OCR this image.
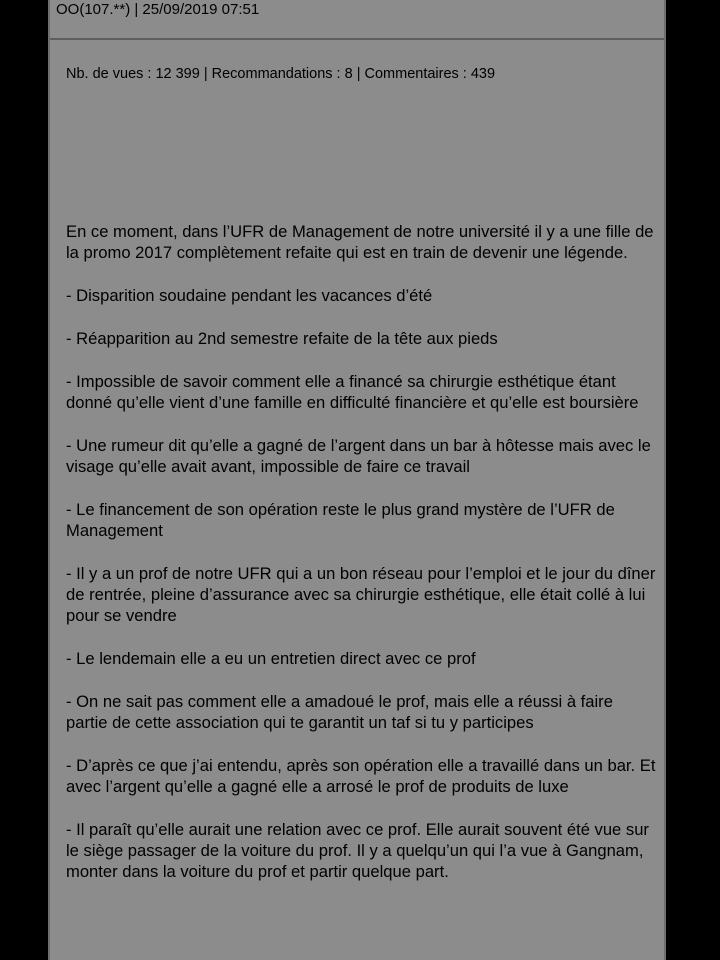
OO(107.**) | 25/09/2019 07:51
Nb. de vues : 12 399 | Recommandations : 8 | Commentaires : 439

En ce moment, dans l’UFR de Management de notre université il y a une fille de la promo 2017 complètement refaite qui est en train de devenir une légende.

- Disparition soudaine pendant les vacances d’été

- Réapparition au 2nd semestre refaite de la tête aux pieds

- Impossible de savoir comment elle a financé sa chirurgie esthétique étant donné qu’elle vient d’une famille en difficulté financière et qu’elle est boursière

- Une rumeur dit qu’elle a gagné de l’argent dans un bar à hôtesse mais avec le visage qu’elle avait avant, impossible de faire ce travail

- Le financement de son opération reste le plus grand mystère de l’UFR de Management

- Il y a un prof de notre UFR qui a un bon réseau pour l’emploi et le jour du dîner de rentrée, pleine d’assurance avec sa chirurgie esthétique, elle était collé à lui pour se vendre

- Le lendemain elle a eu un entretien direct avec ce prof

- On ne sait pas comment elle a amadoué le prof, mais elle a réussi à faire partie de cette association qui te garantit un taf si tu y participes

- D’après ce que j’ai entendu, après son opération elle a travaillé dans un bar. Et avec l’argent qu’elle a gagné elle a arrosé le prof de produits de luxe

- Il paraît qu’elle aurait une relation avec ce prof. Elle aurait souvent été vue sur le siège passager de la voiture du prof. Il y a quelqu’un qui l’a vue à Gangnam, monter dans la voiture du prof et partir quelque part.
